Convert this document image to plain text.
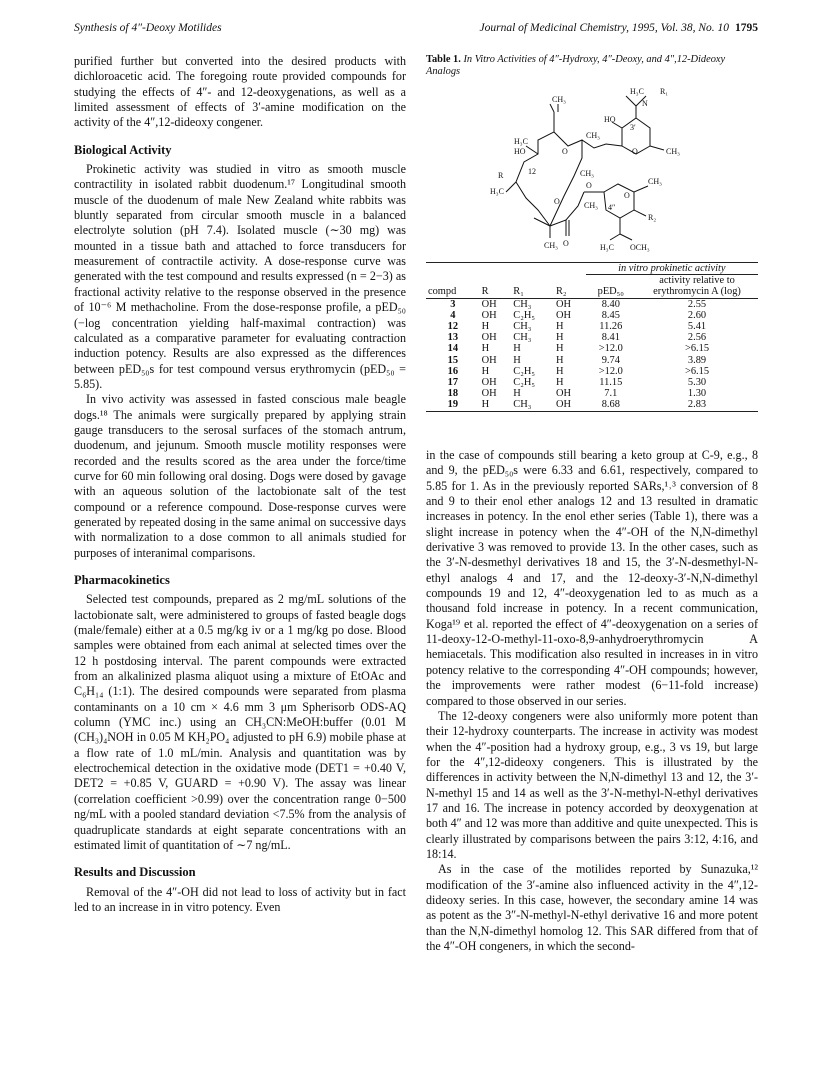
Synthesis of 4″-Deoxy Motilides	Journal of Medicinal Chemistry, 1995, Vol. 38, No. 10 1795

purified further but converted into the desired products with dichloroacetic acid. The foregoing route provided compounds for studying the effects of 4″- and 12-deoxygenations, as well as a limited assessment of effects of 3′-amine modification on the activity of the 4″,12-dideoxy congener.

Biological Activity

Prokinetic activity was studied in vitro as smooth muscle contractility in isolated rabbit duodenum.¹⁷ Longitudinal smooth muscle of the duodenum of male New Zealand white rabbits was bluntly separated from circular smooth muscle in a balanced electrolyte solution (pH 7.4). Isolated muscle (∼30 mg) was mounted in a tissue bath and attached to force transducers for measurement of contractile activity. A dose-response curve was generated with the test compound and results expressed (n = 2−3) as fractional activity relative to the response observed in the presence of 10⁻⁶ M methacholine. From the dose-response profile, a pED₅₀ (−log concentration yielding half-maximal contraction) was calculated as a comparative parameter for evaluating contraction induction potency. Results are also expressed as the differences between pED₅₀s for test compound versus erythromycin (pED₅₀ = 5.85).

In vivo activity was assessed in fasted conscious male beagle dogs.¹⁸ The animals were surgically prepared by applying strain gauge transducers to the serosal surfaces of the stomach antrum, duodenum, and jejunum. Smooth muscle motility responses were recorded and the results scored as the area under the force/time curve for 60 min following oral dosing. Dogs were dosed by gavage with an aqueous solution of the lactobionate salt of the test compound or a reference compound. Dose-response curves were generated by repeated dosing in the same animal on successive days with normalization to a dose common to all animals studied for purposes of interanimal comparisons.

Pharmacokinetics

Selected test compounds, prepared as 2 mg/mL solutions of the lactobionate salt, were administered to groups of fasted beagle dogs (male/female) either at a 0.5 mg/kg iv or a 1 mg/kg po dose. Blood samples were obtained from each animal at selected times over the 12 h postdosing interval. The parent compounds were extracted from an alkalinized plasma aliquot using a mixture of EtOAc and C₆H₁₄ (1:1). The desired compounds were separated from plasma contaminants on a 10 cm × 4.6 mm 3 μm Spherisorb ODS-AQ column (YMC inc.) using an CH₃CN:MeOH:buffer (0.01 M (CH₃)₄NOH in 0.05 M KH₂PO₄ adjusted to pH 6.9) mobile phase at a flow rate of 1.0 mL/min. Analysis and quantitation was by electrochemical detection in the oxidative mode (DET1 = +0.40 V, DET2 = +0.85 V, GUARD = +0.90 V). The assay was linear (correlation coefficient >0.99) over the concentration range 0−500 ng/mL with a pooled standard deviation <7.5% from the analysis of quadruplicate standards at eight separate concentrations with an estimated limit of quantitation of ∼7 ng/mL.

Results and Discussion

Removal of the 4″-OH did not lead to loss of activity but in fact led to an increase in in vitro potency. Even

Table 1. In Vitro Activities of 4″-Hydroxy, 4″-Deoxy, and 4″,12-Dideoxy Analogs
H₃C R₁
N
HO
CH₃
H₃C
HO
CH₃
3′
CH₃
O	O
R	12	CH₃
O
O
CH₃
H₃C
O	CH₃ 4″
R₂
CH₃	H₃C OCH₃
O
				in vitro prokinetic activity	
compd	R	R₁	R₂	pED₅₀	activity relative to erythromycin A (log)
3	OH	CH₃	OH	8.40	2.55
4	OH	C₂H₅	OH	8.45	2.60
12	H	CH₃	H	11.26	5.41
13	OH	CH₃	H	8.41	2.56
14	H	H	H	>12.0	>6.15
15	OH	H	H	9.74	3.89
16	H	C₂H₅	H	>12.0	>6.15
17	OH	C₂H₅	H	11.15	5.30
18	OH	H	OH	7.1	1.30
19	H	CH₃	OH	8.68	2.83

in the case of compounds still bearing a keto group at C-9, e.g., 8 and 9, the pED₅₀s were 6.33 and 6.61, respectively, compared to 5.85 for 1. As in the previously reported SARs,¹˒³ conversion of 8 and 9 to their enol ether analogs 12 and 13 resulted in dramatic increases in potency. In the enol ether series (Table 1), there was a slight increase in potency when the 4″-OH of the N,N-dimethyl derivative 3 was removed to provide 13. In the other cases, such as the 3′-N-desmethyl derivatives 18 and 15, the 3′-N-desmethyl-N-ethyl analogs 4 and 17, and the 12-deoxy-3′-N,N-dimethyl compounds 19 and 12, 4″-deoxygenation led to as much as a thousand fold increase in potency. In a recent communication, Koga¹⁹ et al. reported the effect of 4″-deoxygenation on a series of 11-deoxy-12-O-methyl-11-oxo-8,9-anhydroerythromycin A hemiacetals. This modification also resulted in increases in in vitro potency relative to the corresponding 4″-OH compounds; however, the improvements were rather modest (6−11-fold increase) compared to those observed in our series.

The 12-deoxy congeners were also uniformly more potent than their 12-hydroxy counterparts. The increase in activity was modest when the 4″-position had a hydroxy group, e.g., 3 vs 19, but large for the 4″,12-dideoxy congeners. This is illustrated by the differences in activity between the N,N-dimethyl 13 and 12, the 3′-N-methyl 15 and 14 as well as the 3′-N-methyl-N-ethyl derivatives 17 and 16. The increase in potency accorded by deoxygenation at both 4″ and 12 was more than additive and quite unexpected. This is clearly illustrated by comparisons between the pairs 3:12, 4:16, and 18:14.

As in the case of the motilides reported by Sunazuka,¹² modification of the 3′-amine also influenced activity in the 4″,12-dideoxy series. In this case, however, the secondary amine 14 was as potent as the 3″-N-methyl-N-ethyl derivative 16 and more potent than the N,N-dimethyl homolog 12. This SAR differed from that of the 4″-OH congeners, in which the second-
